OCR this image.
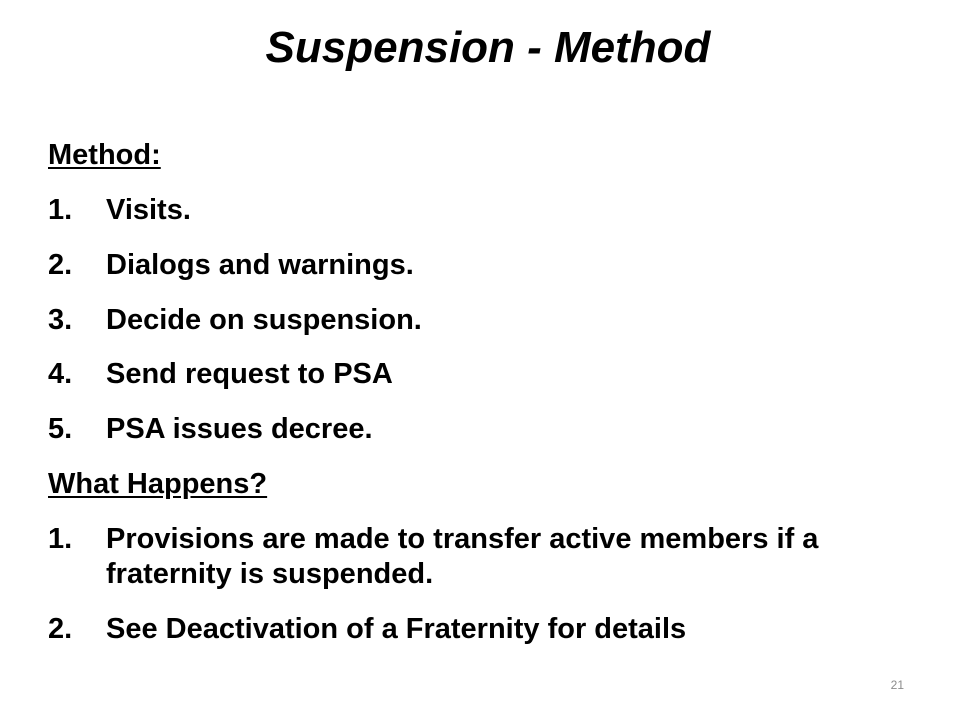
Suspension - Method

Method:

1.	Visits.
2.	Dialogs and warnings.
3.	Decide on suspension.
4.	Send request to PSA
5.	PSA issues decree.

What Happens?

1.	Provisions are made to transfer active members if a fraternity is suspended.
2.	See Deactivation of a Fraternity for details
21
